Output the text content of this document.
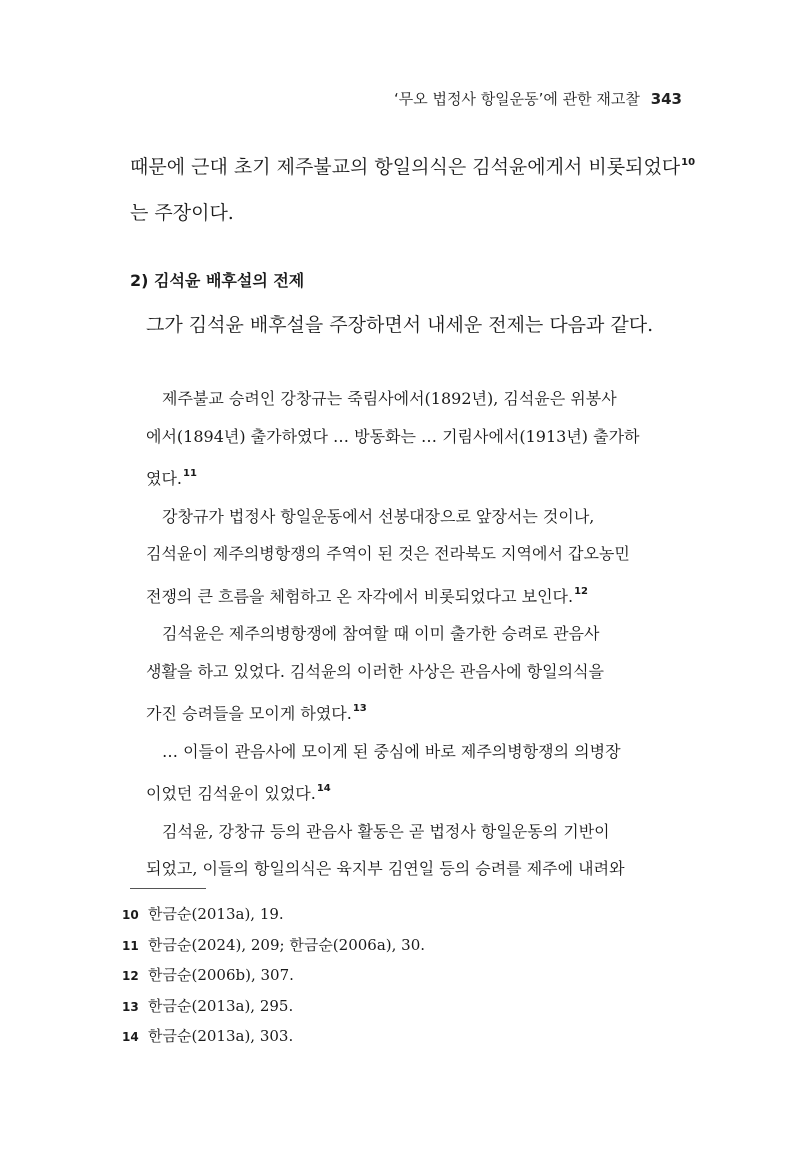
‘무오 법정사 항일운동’에 관한 재고찰 343
때문에 근대 초기 제주불교의 항일의식은 김석윤에게서 비롯되었다$^{10}$
는 주장이다.
2) 김석윤 배후설의 전제
그가 김석윤 배후설을 주장하면서 내세운 전제는 다음과 같다.
제주불교 승려인 강창규는 죽림사에서(1892년), 김석윤은 위봉사
에서(1894년) 출가하였다 … 방동화는 … 기림사에서(1913년) 출가하
였다.$^{11}$
강창규가 법정사 항일운동에서 선봉대장으로 앞장서는 것이나,
김석윤이 제주의병항쟁의 주역이 된 것은 전라북도 지역에서 갑오농민
전쟁의 큰 흐름을 체험하고 온 자각에서 비롯되었다고 보인다.$^{12}$
김석윤은 제주의병항쟁에 참여할 때 이미 출가한 승려로 관음사
생활을 하고 있었다. 김석윤의 이러한 사상은 관음사에 항일의식을
가진 승려들을 모이게 하였다.$^{13}$
… 이들이 관음사에 모이게 된 중심에 바로 제주의병항쟁의 의병장
이었던 김석윤이 있었다.$^{14}$
김석윤, 강창규 등의 관음사 활동은 곧 법정사 항일운동의 기반이
되었고, 이들의 항일의식은 육지부 김연일 등의 승려를 제주에 내려와
10 한금순(2013a), 19.
11 한금순(2024), 209; 한금순(2006a), 30.
12 한금순(2006b), 307.
13 한금순(2013a), 295.
14 한금순(2013a), 303.
